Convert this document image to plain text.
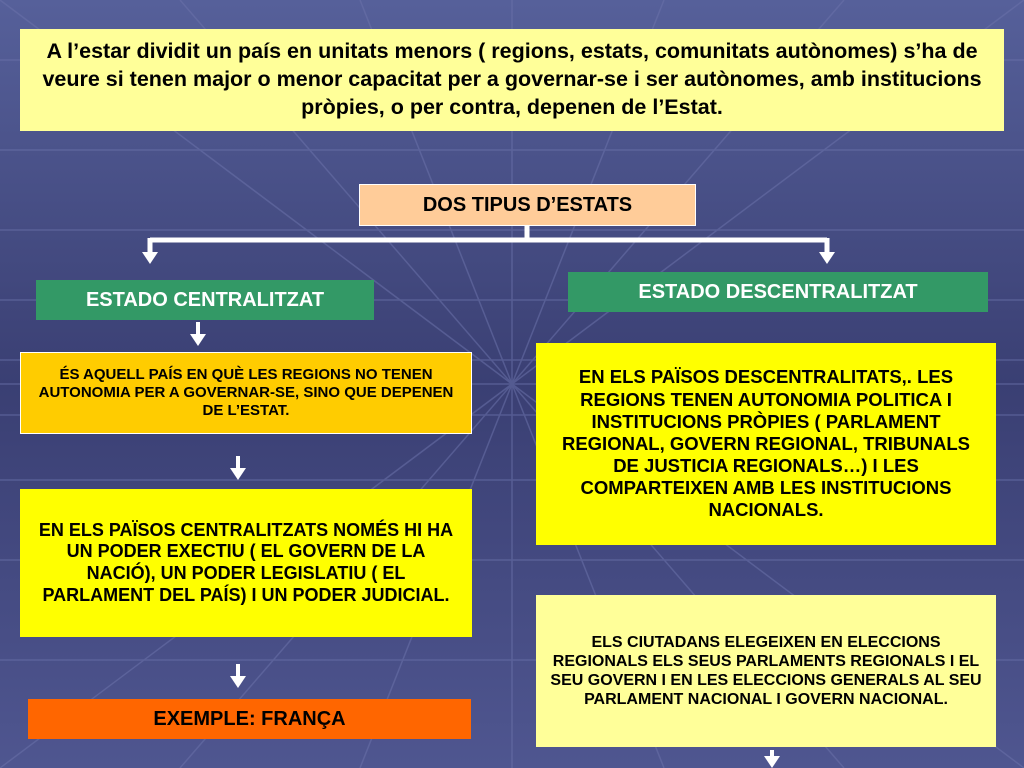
A l’estar dividit un país en unitats menors ( regions, estats, comunitats autònomes) s’ha de veure si tenen major o menor capacitat per a governar-se i ser autònomes, amb institucions pròpies, o per contra, depenen de l’Estat.
DOS TIPUS D’ESTATS
ESTADO CENTRALITZAT	ESTADO DESCENTRALITZAT
ÉS AQUELL PAÍS EN QUÈ LES REGIONS NO TENEN AUTONOMIA PER A GOVERNAR-SE, SINO QUE DEPENEN DE L’ESTAT.
EN ELS PAÏSOS CENTRALITZATS NOMÉS HI HA UN PODER EXECTIU ( EL GOVERN DE LA NACIÓ), UN PODER LEGISLATIU ( EL PARLAMENT DEL PAÍS) I UN PODER JUDICIAL.
EXEMPLE: FRANÇA
EN ELS PAÏSOS DESCENTRALITATS,. LES REGIONS TENEN AUTONOMIA POLITICA I INSTITUCIONS PRÒPIES ( PARLAMENT REGIONAL, GOVERN REGIONAL, TRIBUNALS DE JUSTICIA REGIONALS…) I LES COMPARTEIXEN AMB LES INSTITUCIONS NACIONALS.
ELS CIUTADANS ELEGEIXEN EN ELECCIONS REGIONALS ELS SEUS PARLAMENTS REGIONALS I EL SEU GOVERN I EN LES ELECCIONS GENERALS AL SEU PARLAMENT NACIONAL I GOVERN NACIONAL.
